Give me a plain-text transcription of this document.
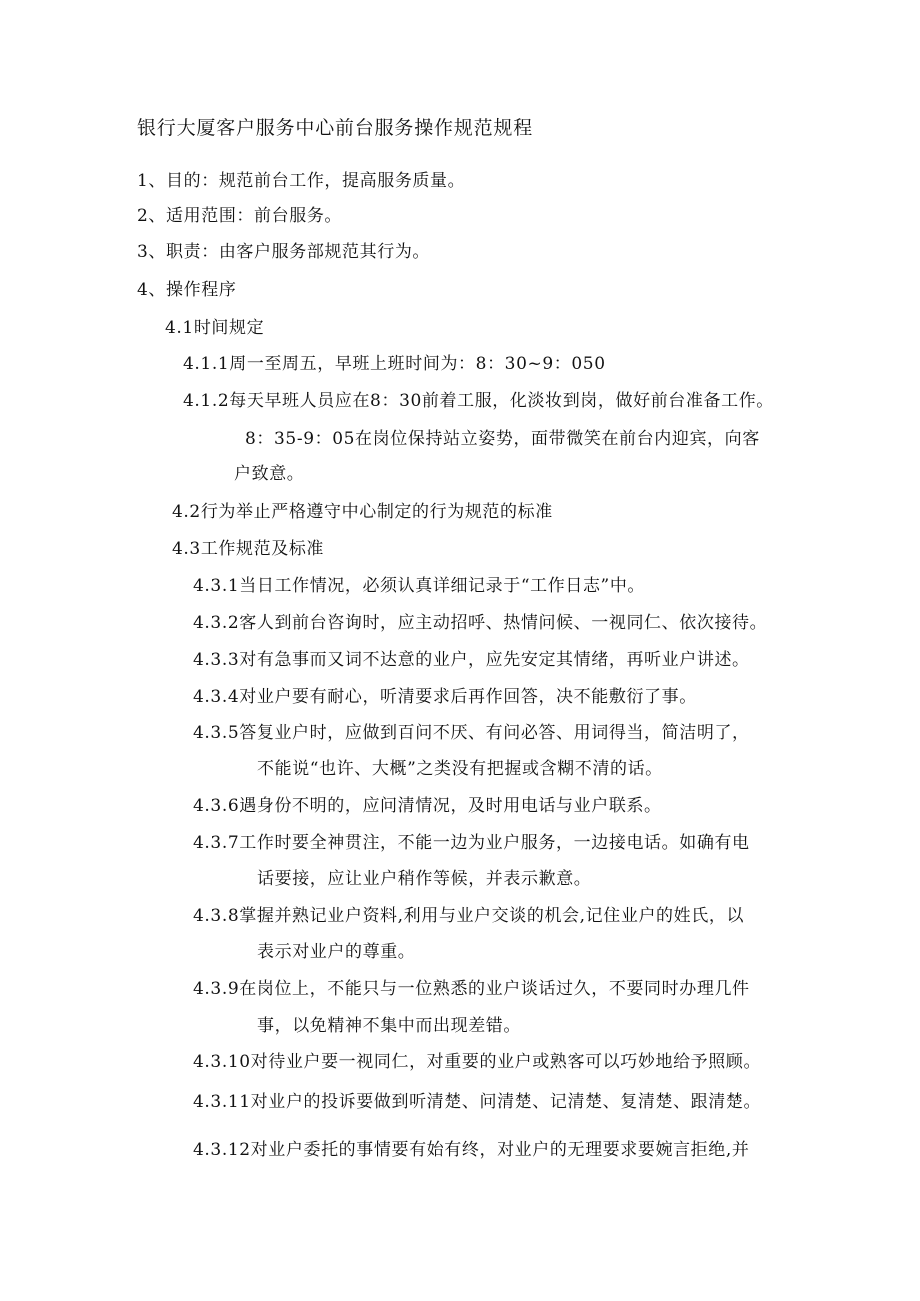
银行大厦客户服务中心前台服务操作规范规程
1、目的：规范前台工作，提高服务质量。
2、适用范围：前台服务。
3、职责：由客户服务部规范其行为。
4、操作程序
4.1时间规定
4.1.1周一至周五，早班上班时间为：8：30~9：050
4.1.2每天早班人员应在8：30前着工服，化淡妆到岗，做好前台准备工作。
8：35-9：05在岗位保持站立姿势，面带微笑在前台内迎宾，向客
户致意。
4.2行为举止严格遵守中心制定的行为规范的标准
4.3工作规范及标准
4.3.1当日工作情况，必须认真详细记录于“工作日志”中。
4.3.2客人到前台咨询时，应主动招呼、热情问候、一视同仁、依次接待。
4.3.3对有急事而又词不达意的业户，应先安定其情绪，再听业户讲述。
4.3.4对业户要有耐心，听清要求后再作回答，决不能敷衍了事。
4.3.5答复业户时，应做到百问不厌、有问必答、用词得当，简洁明了，
不能说“也许、大概”之类没有把握或含糊不清的话。
4.3.6遇身份不明的，应问清情况，及时用电话与业户联系。
4.3.7工作时要全神贯注，不能一边为业户服务，一边接电话。如确有电
话要接，应让业户稍作等候，并表示歉意。
4.3.8掌握并熟记业户资料,利用与业户交谈的机会,记住业户的姓氏，以
表示对业户的尊重。
4.3.9在岗位上，不能只与一位熟悉的业户谈话过久，不要同时办理几件
事，以免精神不集中而出现差错。
4.3.10对待业户要一视同仁，对重要的业户或熟客可以巧妙地给予照顾。
4.3.11对业户的投诉要做到听清楚、问清楚、记清楚、复清楚、跟清楚。
4.3.12对业户委托的事情要有始有终，对业户的无理要求要婉言拒绝,并
